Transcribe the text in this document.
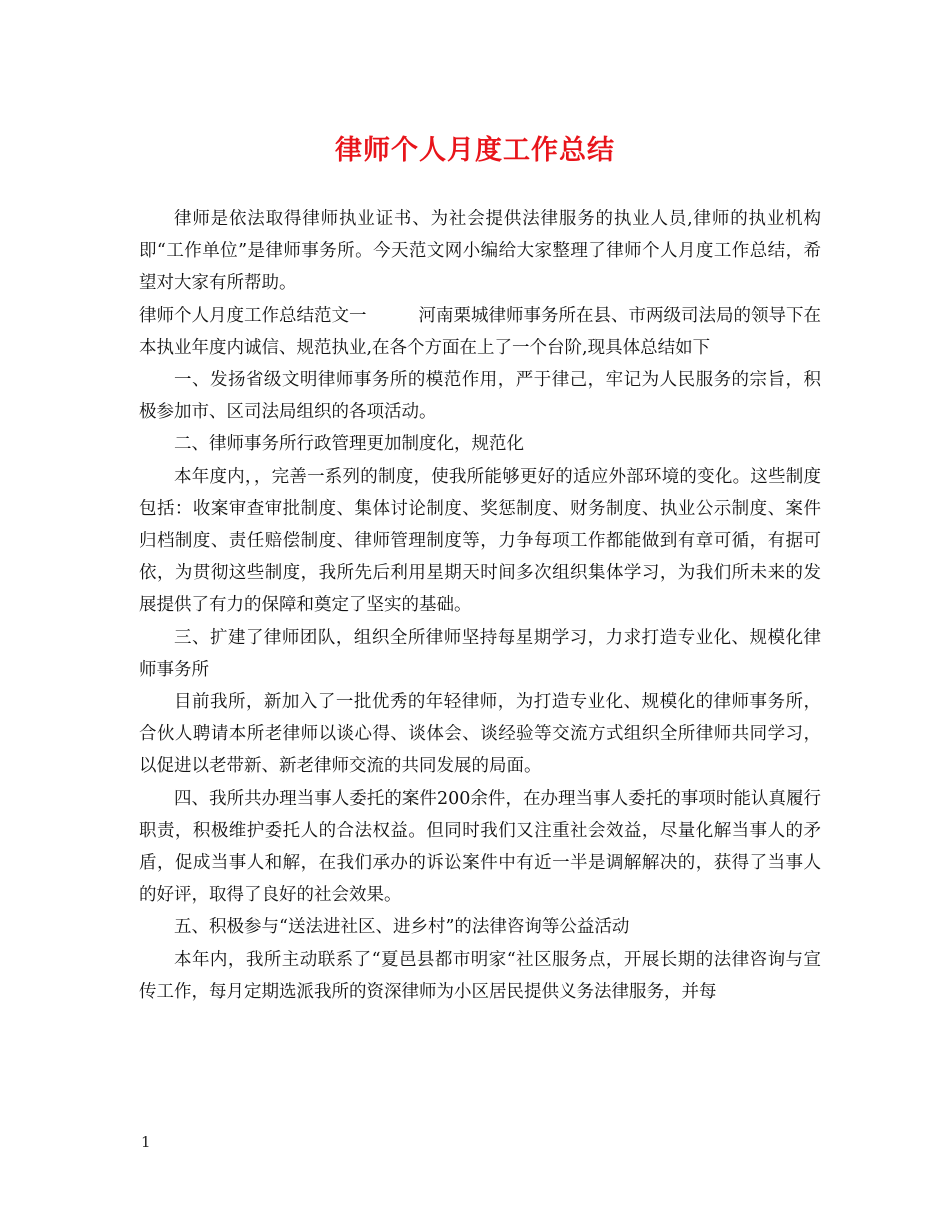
律师个人月度工作总结

律师是依法取得律师执业证书、为社会提供法律服务的执业人员,律师的执业机构即“工作单位”是律师事务所。今天范文网小编给大家整理了律师个人月度工作总结，希望对大家有所帮助。

律师个人月度工作总结范文一	河南栗城律师事务所在县、市两级司法局的领导下在本执业年度内诚信、规范执业,在各个方面在上了一个台阶,现具体总结如下

一、发扬省级文明律师事务所的模范作用，严于律己，牢记为人民服务的宗旨，积极参加市、区司法局组织的各项活动。

二、律师事务所行政管理更加制度化，规范化

本年度内，，完善一系列的制度，使我所能够更好的适应外部环境的变化。这些制度包括：收案审查审批制度、集体讨论制度、奖惩制度、财务制度、执业公示制度、案件归档制度、责任赔偿制度、律师管理制度等，力争每项工作都能做到有章可循，有据可依，为贯彻这些制度，我所先后利用星期天时间多次组织集体学习，为我们所未来的发展提供了有力的保障和奠定了坚实的基础。

三、扩建了律师团队，组织全所律师坚持每星期学习，力求打造专业化、规模化律师事务所

目前我所，新加入了一批优秀的年轻律师，为打造专业化、规模化的律师事务所，合伙人聘请本所老律师以谈心得、谈体会、谈经验等交流方式组织全所律师共同学习，以促进以老带新、新老律师交流的共同发展的局面。

四、我所共办理当事人委托的案件200余件，在办理当事人委托的事项时能认真履行职责，积极维护委托人的合法权益。但同时我们又注重社会效益，尽量化解当事人的矛盾，促成当事人和解，在我们承办的诉讼案件中有近一半是调解解决的，获得了当事人的好评，取得了良好的社会效果。

五、积极参与“送法进社区、进乡村”的法律咨询等公益活动

本年内，我所主动联系了“夏邑县都市明家“社区服务点，开展长期的法律咨询与宣传工作，每月定期选派我所的资深律师为小区居民提供义务法律服务，并每

1
